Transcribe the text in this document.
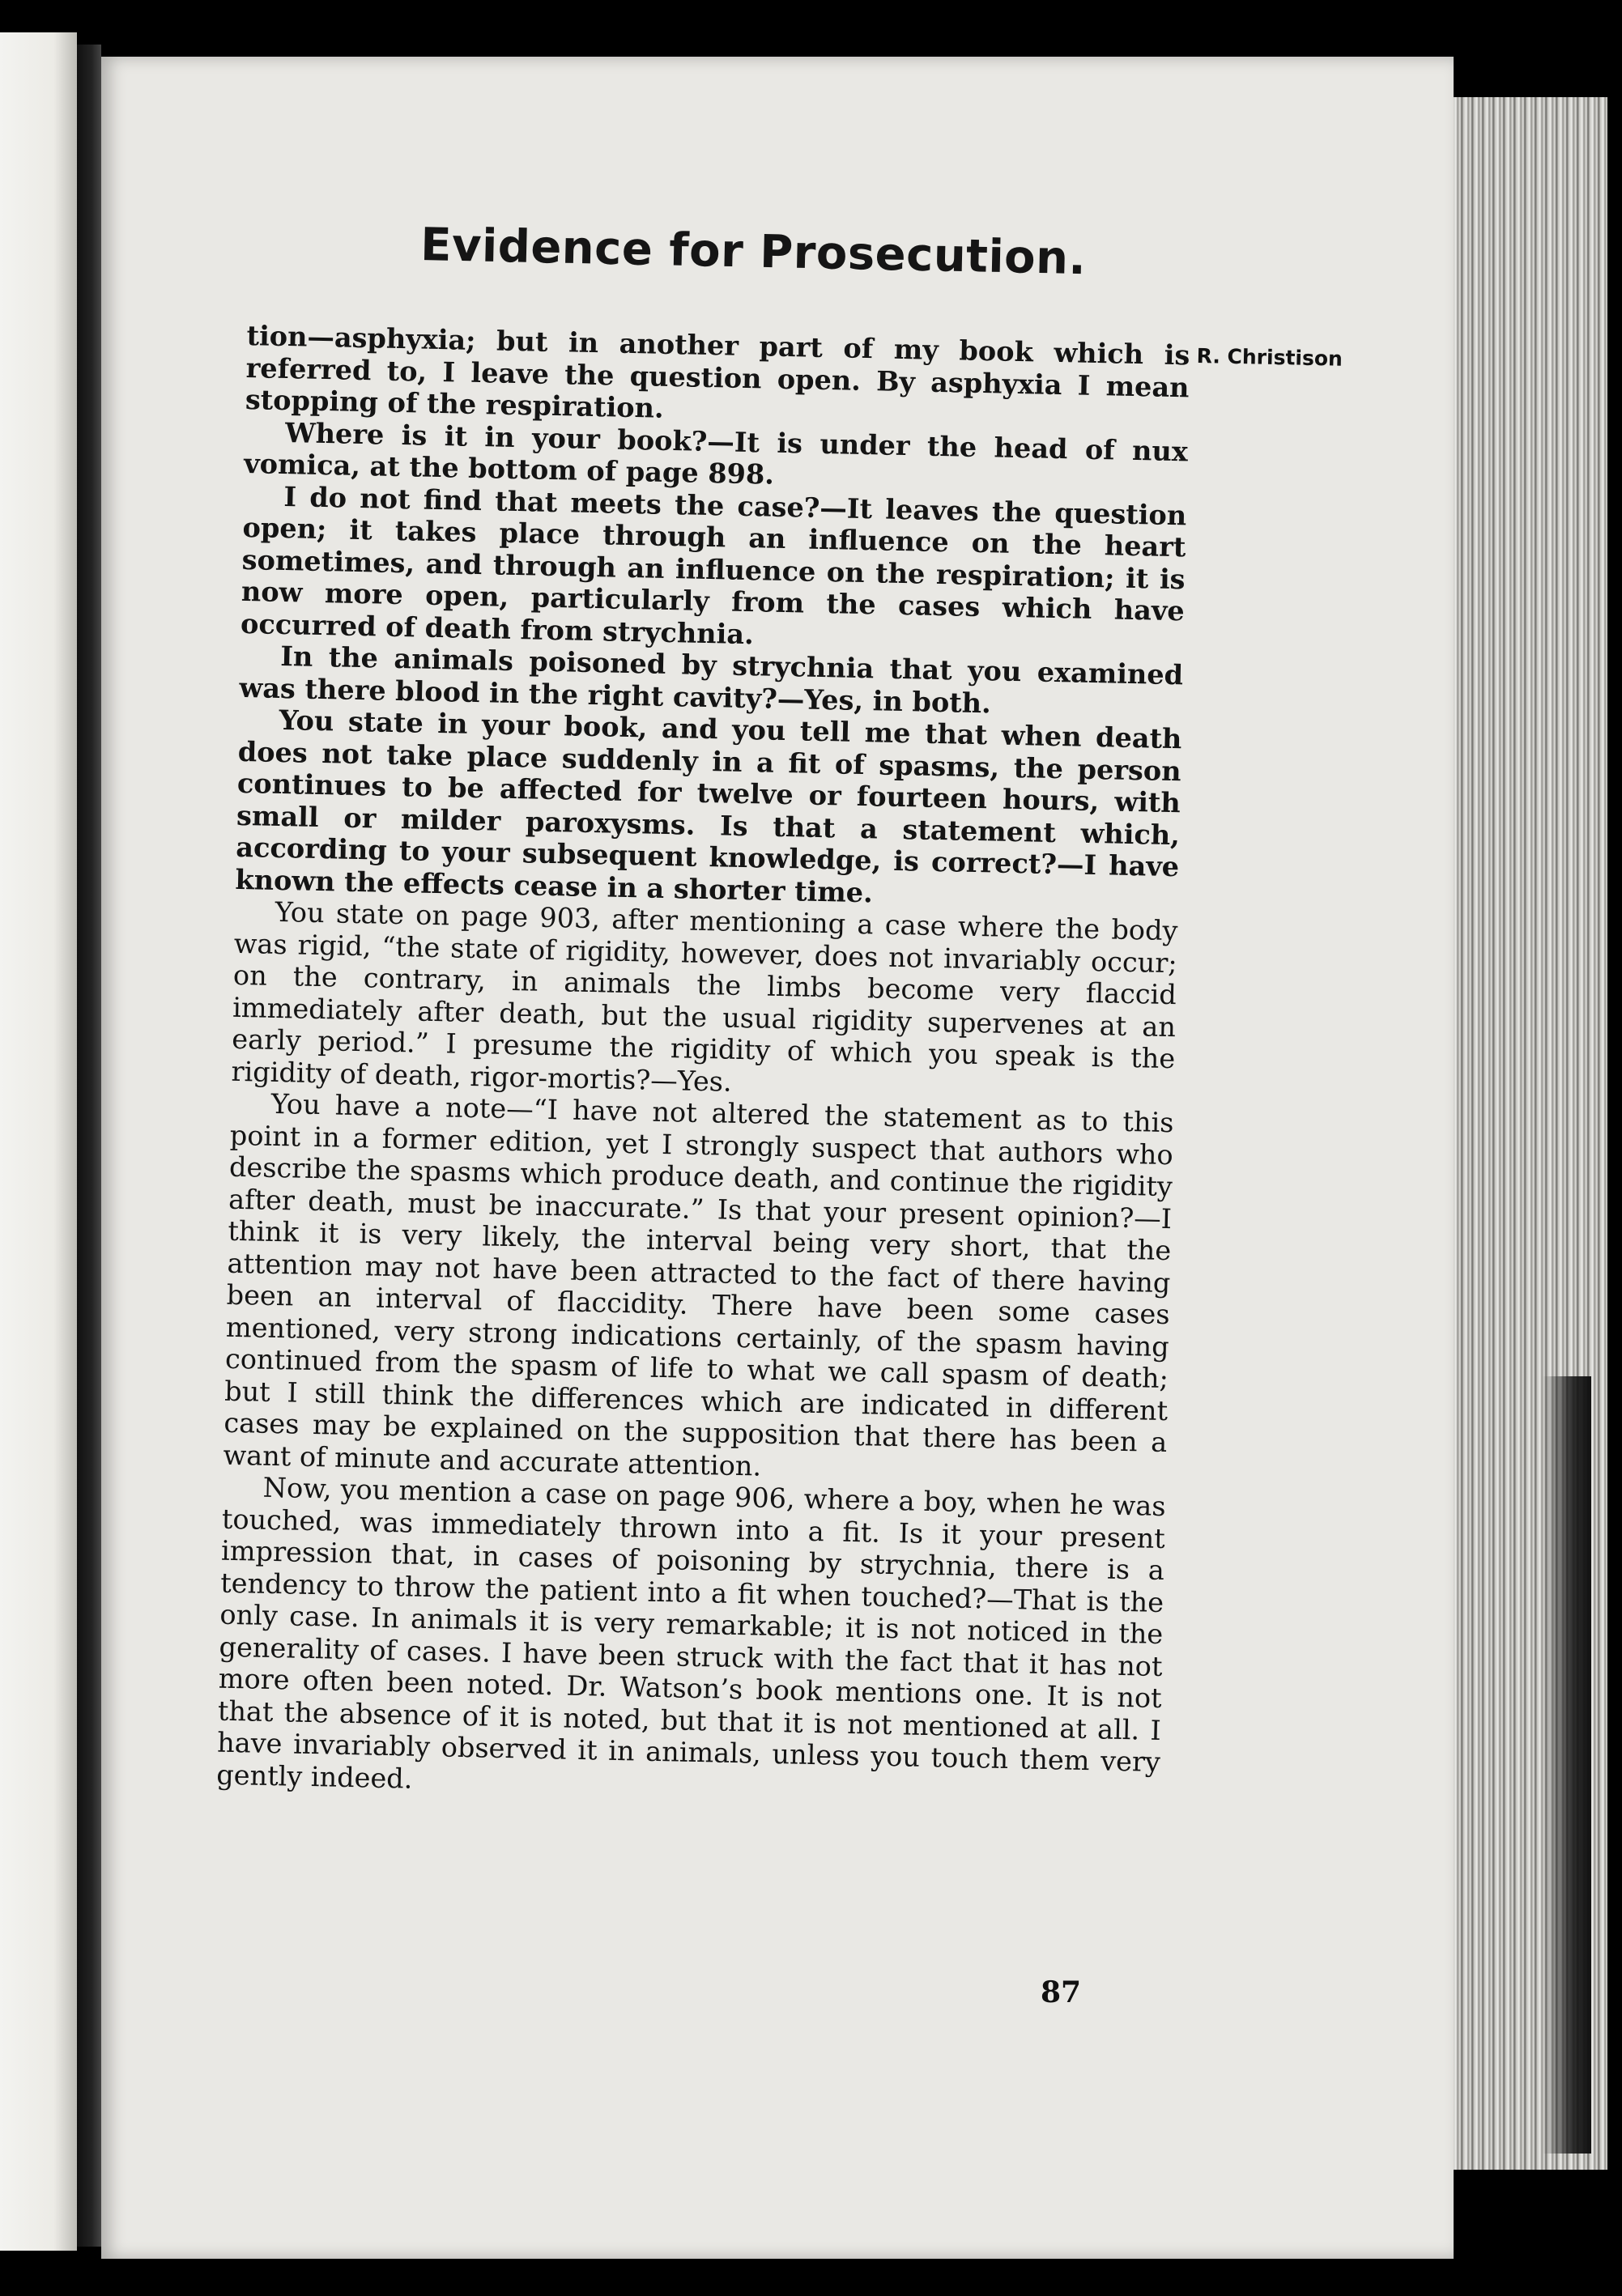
Evidence for Prosecution.
R. Christison

tion—asphyxia; but in another part of my book which is referred to, I leave the question open. By asphyxia I mean stopping of the respiration.

Where is it in your book?—It is under the head of nux vomica, at the bottom of page 898.

I do not find that meets the case?—It leaves the question open; it takes place through an influence on the heart sometimes, and through an influence on the respiration; it is now more open, particularly from the cases which have occurred of death from strychnia.

In the animals poisoned by strychnia that you examined was there blood in the right cavity?—Yes, in both.

You state in your book, and you tell me that when death does not take place suddenly in a fit of spasms, the person continues to be affected for twelve or fourteen hours, with small or milder paroxysms. Is that a statement which, according to your subsequent knowledge, is correct?—I have known the effects cease in a shorter time.

You state on page 903, after mentioning a case where the body was rigid, “the state of rigidity, however, does not invariably occur; on the contrary, in animals the limbs become very flaccid immediately after death, but the usual rigidity supervenes at an early period.” I presume the rigidity of which you speak is the rigidity of death, rigor-mortis?—Yes.

You have a note—“I have not altered the statement as to this point in a former edition, yet I strongly suspect that authors who describe the spasms which produce death, and continue the rigidity after death, must be inaccurate.” Is that your present opinion?—I think it is very likely, the interval being very short, that the attention may not have been attracted to the fact of there having been an interval of flaccidity. There have been some cases mentioned, very strong indications certainly, of the spasm having continued from the spasm of life to what we call spasm of death; but I still think the differences which are indicated in different cases may be explained on the supposition that there has been a want of minute and accurate attention.

Now, you mention a case on page 906, where a boy, when he was touched, was immediately thrown into a fit. Is it your present impression that, in cases of poisoning by strychnia, there is a tendency to throw the patient into a fit when touched?—That is the only case. In animals it is very remarkable; it is not noticed in the generality of cases. I have been struck with the fact that it has not more often been noted. Dr. Watson’s book mentions one. It is not that the absence of it is noted, but that it is not mentioned at all. I have invariably observed it in animals, unless you touch them very gently indeed.

87
